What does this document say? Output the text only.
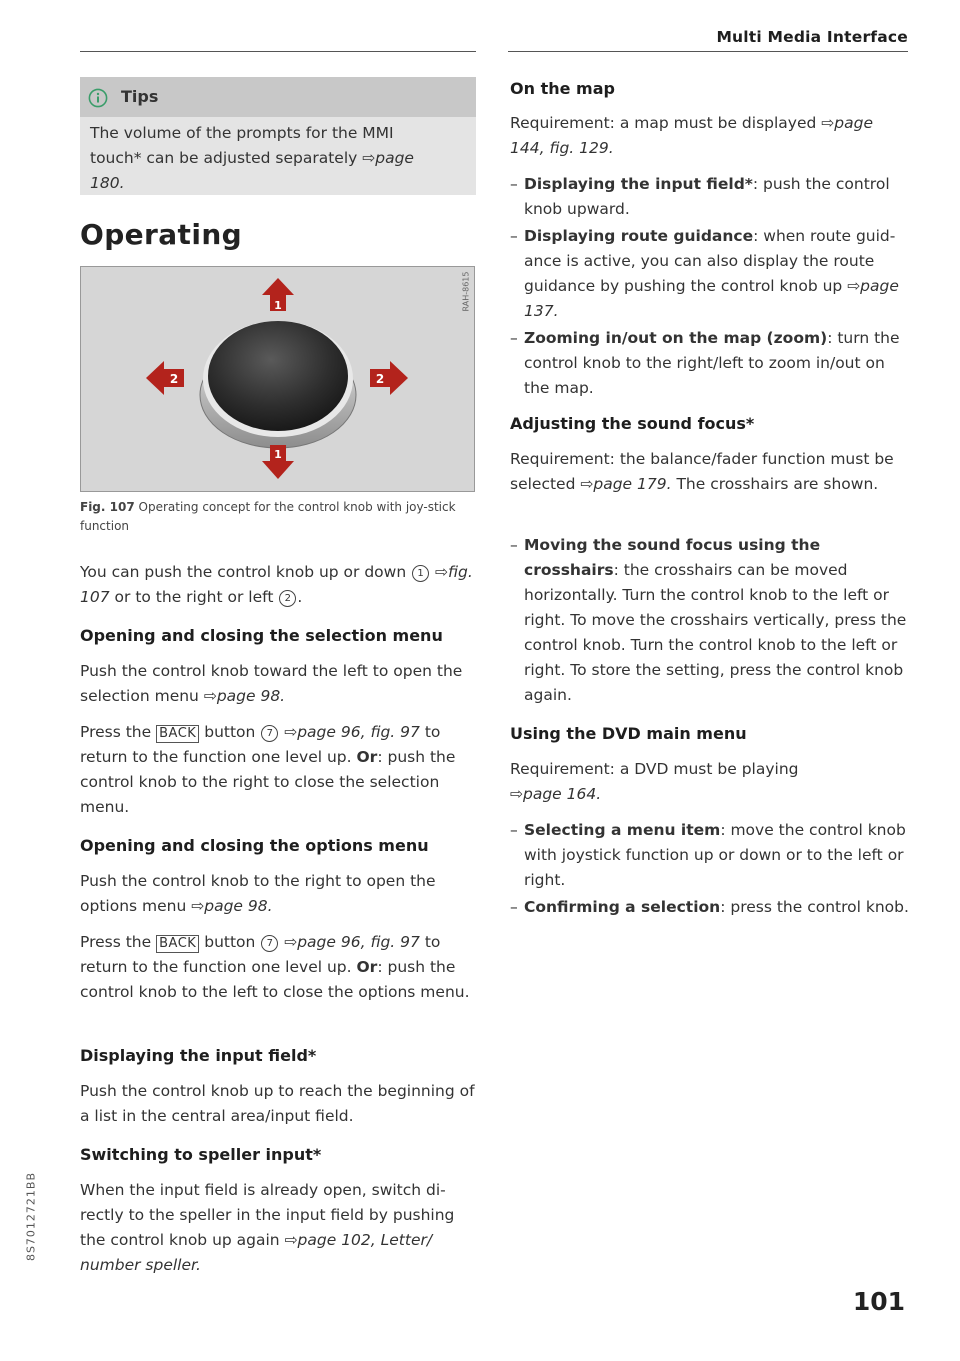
Multi Media Interface
Tips
The volume of the prompts for the MMI touch* can be adjusted separately ⇨page 180.
Operating
1
1
2	2
RAH-8615
Fig. 107 Operating concept for the control knob with joy-stick function
You can push the control knob up or down 1 ⇨fig. 107 or to the right or left 2 .
Opening and closing the selection menu
Push the control knob toward the left to open the selection menu ⇨page 98.
Press the BACK button 7 ⇨page 96, fig. 97 to return to the function one level up. Or: push the control knob to the right to close the selection menu.
Opening and closing the options menu
Push the control knob to the right to open the options menu ⇨page 98.
Press the BACK button 7 ⇨page 96, fig. 97 to return to the function one level up. Or: push the control knob to the left to close the options menu.
Displaying the input field*
Push the control knob up to reach the beginning of a list in the central area/input field.
Switching to speller input*
When the input field is already open, switch di-rectly to the speller in the input field by pushing the control knob up again ⇨page 102, Letter/ number speller.
On the map
Requirement: a map must be displayed ⇨page 144, fig. 129.
– Displaying the input field*: push the control knob upward.
– Displaying route guidance: when route guid-ance is active, you can also display the route guidance by pushing the control knob up ⇨page 137.
– Zooming in/out on the map (zoom): turn the control knob to the right/left to zoom in/out on the map.
Adjusting the sound focus*
Requirement: the balance/fader function must be selected ⇨page 179. The crosshairs are shown.
– Moving the sound focus using the crosshairs: the crosshairs can be moved horizontally. Turn the control knob to the left or right. To move the crosshairs vertically, press the control knob. Turn the control knob to the left or right. To store the setting, press the control knob again.
Using the DVD main menu
Requirement: a DVD must be playing ⇨page 164.
– Selecting a menu item: move the control knob with joystick function up or down or to the left or right.
– Confirming a selection: press the control knob.
101
8S7012721BB
